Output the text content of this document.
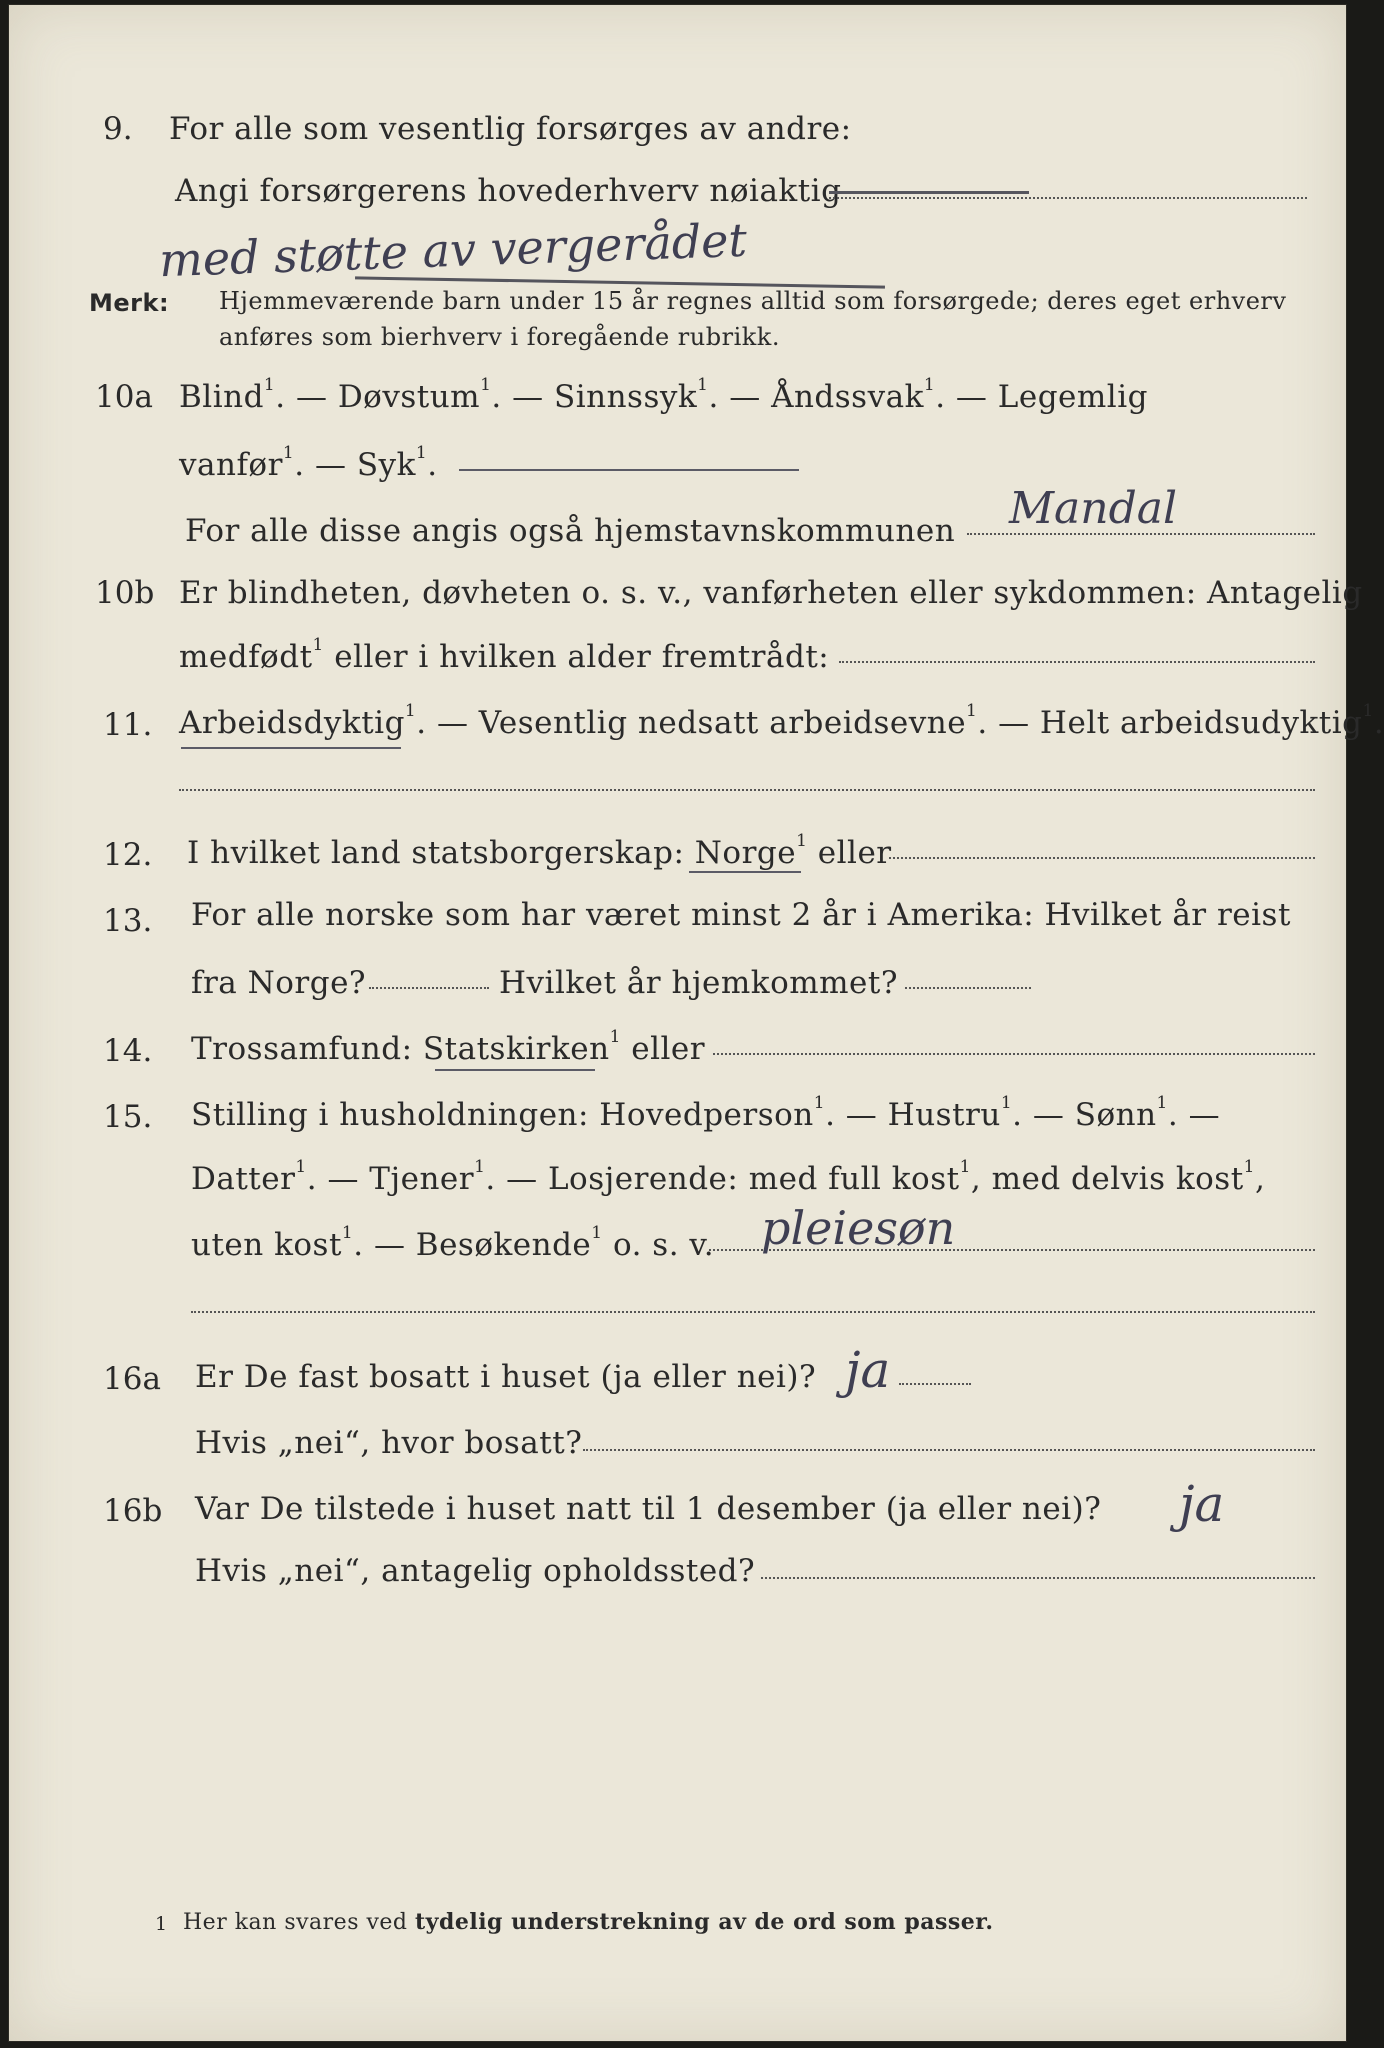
9. For alle som vesentlig forsørges av andre:
Angi forsørgerens hovederhverv nøiaktig
med støtte av vergerådet
Merk: Hjemmeværende barn under 15 år regnes alltid som forsørgede; deres eget erhverv
anføres som bierhverv i foregående rubrikk.
10a Blind$^1$. — Døvstum$^1$. — Sinnssyk$^1$. — Åndssvak$^1$. — Legemlig
vanfør$^1$. — Syk$^1$.
For alle disse angis også hjemstavnskommunen Mandal
10b Er blindheten, døvheten o. s. v., vanførheten eller sykdommen: Antagelig
medfødt$^1$ eller i hvilken alder fremtrådt:
11. Arbeidsdyktig$^1$. — Vesentlig nedsatt arbeidsevne$^1$. — Helt arbeidsudyktig$^1$.
12. I hvilket land statsborgerskap: Norge$^1$ eller
13. For alle norske som har været minst 2 år i Amerika: Hvilket år reist
fra Norge?	Hvilket år hjemkommet?
14. Trossamfund: Statskirken$^1$ eller
15. Stilling i husholdningen: Hovedperson$^1$. — Hustru$^1$. — Sønn$^1$. —
Datter$^1$. — Tjener$^1$. — Losjerende: med full kost$^1$, med delvis kost$^1$,
uten kost$^1$. — Besøkende$^1$ o. s. v. pleiesøn
16a Er De fast bosatt i huset (ja eller nei)? ja
Hvis „nei“, hvor bosatt?
16b Var De tilstede i huset natt til 1 desember (ja eller nei)? ja
Hvis „nei“, antagelig opholdssted?
1 Her kan svares ved tydelig understrekning av de ord som passer.
